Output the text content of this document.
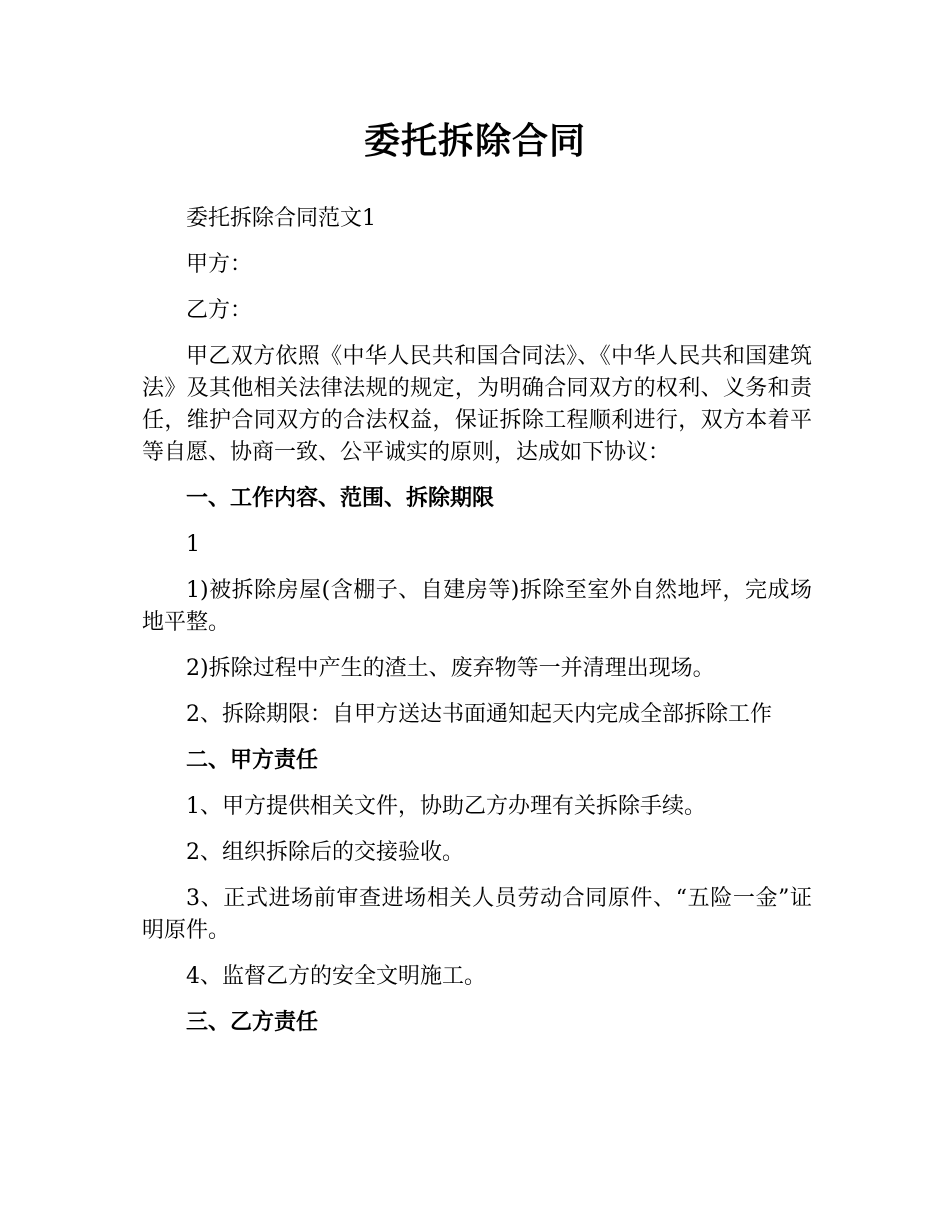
委托拆除合同

委托拆除合同范文1

甲方：

乙方：

甲乙双方依照《中华人民共和国合同法》、《中华人民共和国建筑法》及其他相关法律法规的规定，为明确合同双方的权利、义务和责任，维护合同双方的合法权益，保证拆除工程顺利进行，双方本着平等自愿、协商一致、公平诚实的原则，达成如下协议：

一、工作内容、范围、拆除期限

1

1)被拆除房屋(含棚子、自建房等)拆除至室外自然地坪，完成场地平整。

2)拆除过程中产生的渣土、废弃物等一并清理出现场。

2、拆除期限：自甲方送达书面通知起天内完成全部拆除工作

二、甲方责任

1、甲方提供相关文件，协助乙方办理有关拆除手续。

2、组织拆除后的交接验收。

3、正式进场前审查进场相关人员劳动合同原件、“五险一金”证明原件。

4、监督乙方的安全文明施工。

三、乙方责任
